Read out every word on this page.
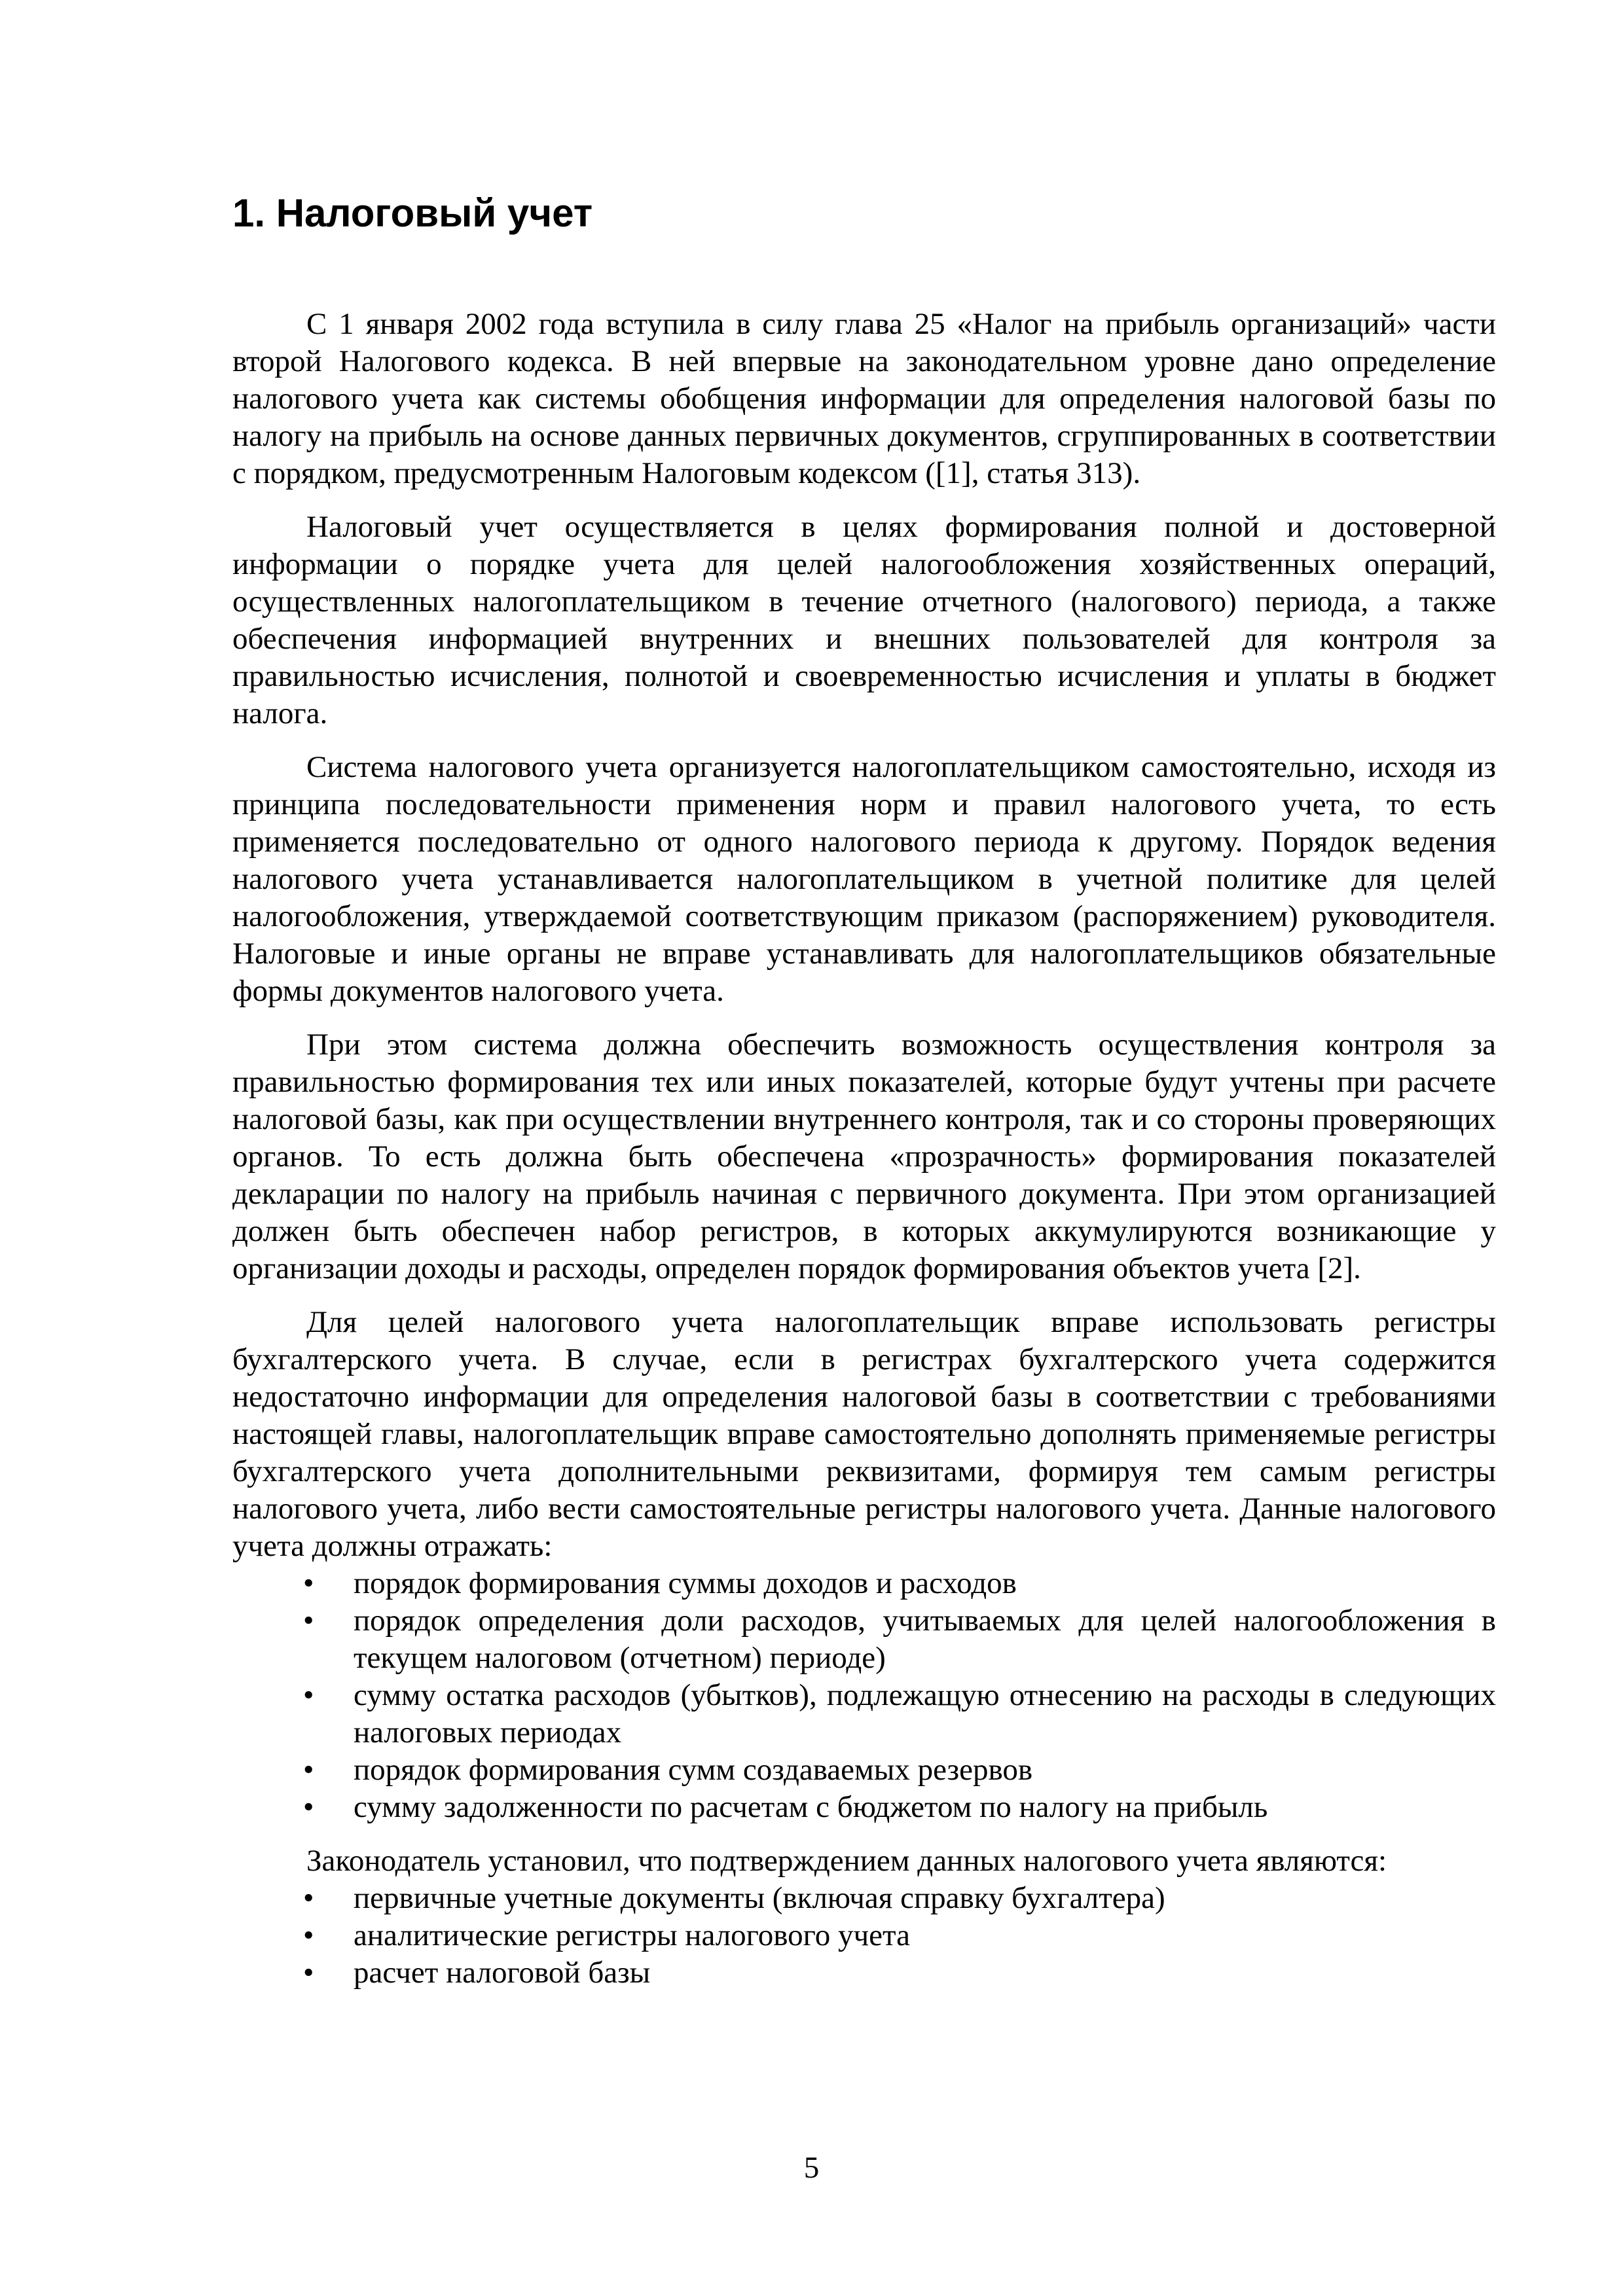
1. Налоговый учет

С 1 января 2002 года вступила в силу глава 25 «Налог на прибыль организаций» части второй Налогового кодекса. В ней впервые на законодательном уровне дано определение налогового учета как системы обобщения информации для определения налоговой базы по налогу на прибыль на основе данных первичных документов, сгруппированных в соответствии с порядком, предусмотренным Налоговым кодексом ([1], статья 313).

Налоговый учет осуществляется в целях формирования полной и достоверной информации о порядке учета для целей налогообложения хозяйственных операций, осуществленных налогоплательщиком в течение отчетного (налогового) периода, а также обеспечения информацией внутренних и внешних пользователей для контроля за правильностью исчисления, полнотой и своевременностью исчисления и уплаты в бюджет налога.

Система налогового учета организуется налогоплательщиком самостоятельно, исходя из принципа последовательности применения норм и правил налогового учета, то есть применяется последовательно от одного налогового периода к другому. Порядок ведения налогового учета устанавливается налогоплательщиком в учетной политике для целей налогообложения, утверждаемой соответствующим приказом (распоряжением) руководителя. Налоговые и иные органы не вправе устанавливать для налогоплательщиков обязательные формы документов налогового учета.

При этом система должна обеспечить возможность осуществления контроля за правильностью формирования тех или иных показателей, которые будут учтены при расчете налоговой базы, как при осуществлении внутреннего контроля, так и со стороны проверяющих органов. То есть должна быть обеспечена «прозрачность» формирования показателей декларации по налогу на прибыль начиная с первичного документа. При этом организацией должен быть обеспечен набор регистров, в которых аккумулируются возникающие у организации доходы и расходы, определен порядок формирования объектов учета [2].

Для целей налогового учета налогоплательщик вправе использовать регистры бухгалтерского учета. В случае, если в регистрах бухгалтерского учета содержится недостаточно информации для определения налоговой базы в соответствии с требованиями настоящей главы, налогоплательщик вправе самостоятельно дополнять применяемые регистры бухгалтерского учета дополнительными реквизитами, формируя тем самым регистры налогового учета, либо вести самостоятельные регистры налогового учета. Данные налогового учета должны отражать:

• порядок формирования суммы доходов и расходов
• порядок определения доли расходов, учитываемых для целей налогообложения в текущем налоговом (отчетном) периоде)
• сумму остатка расходов (убытков), подлежащую отнесению на расходы в следующих налоговых периодах
• порядок формирования сумм создаваемых резервов
• сумму задолженности по расчетам с бюджетом по налогу на прибыль

Законодатель установил, что подтверждением данных налогового учета являются:

• первичные учетные документы (включая справку бухгалтера)
• аналитические регистры налогового учета
• расчет налоговой базы
5
